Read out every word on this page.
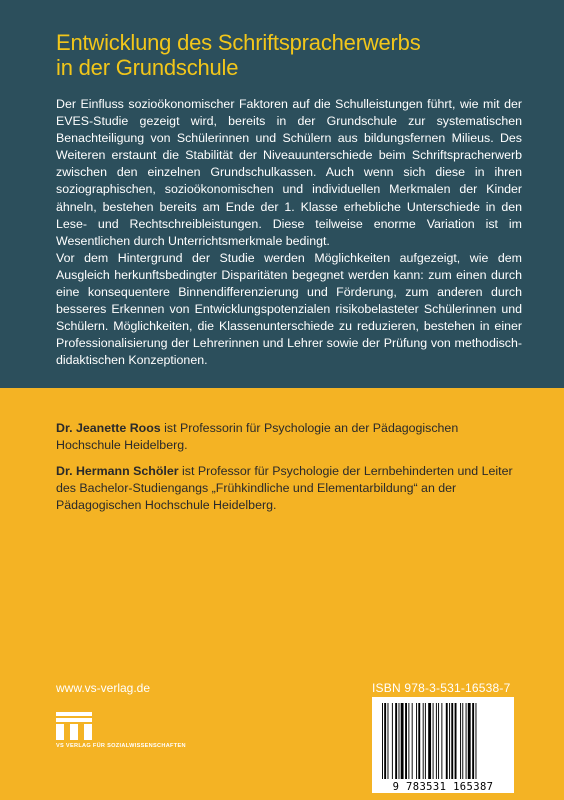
Entwicklung des Schriftspracherwerbs
in der Grundschule

Der Einfluss sozioökonomischer Faktoren auf die Schulleistungen führt, wie mit der EVES-Studie gezeigt wird, bereits in der Grundschule zur systematischen Benachteiligung von Schülerinnen und Schülern aus bildungsfernen Milieus. Des Weiteren erstaunt die Stabilität der Niveauunterschiede beim Schriftspracherwerb zwischen den einzelnen Grundschulkassen. Auch wenn sich diese in ihren soziographischen, sozioökonomischen und individuellen Merkmalen der Kinder ähneln, bestehen bereits am Ende der 1. Klasse erhebliche Unterschiede in den Lese- und Rechtschreibleistungen. Diese teilweise enorme Variation ist im Wesentlichen durch Unterrichtsmerkmale bedingt.

Vor dem Hintergrund der Studie werden Möglichkeiten aufgezeigt, wie dem Ausgleich herkunftsbedingter Disparitäten begegnet werden kann: zum einen durch eine konsequentere Binnendifferenzierung und Förderung, zum anderen durch besseres Erkennen von Entwicklungspotenzialen risikobelasteter Schülerinnen und Schülern. Möglichkeiten, die Klassenunterschiede zu reduzieren, bestehen in einer Professionalisierung der Lehrerinnen und Lehrer sowie der Prüfung von methodisch-didaktischen Konzeptionen.

Dr. Jeanette Roos ist Professorin für Psychologie an der Pädagogischen Hochschule Heidelberg.

Dr. Hermann Schöler ist Professor für Psychologie der Lernbehinderten und Leiter des Bachelor-Studiengangs „Frühkindliche und Elementarbildung“ an der Pädagogischen Hochschule Heidelberg.

www.vs-verlag.de	ISBN 978-3-531-16538-7
VS VERLAG FÜR SOZIALWISSENSCHAFTEN
9 783531 165387
